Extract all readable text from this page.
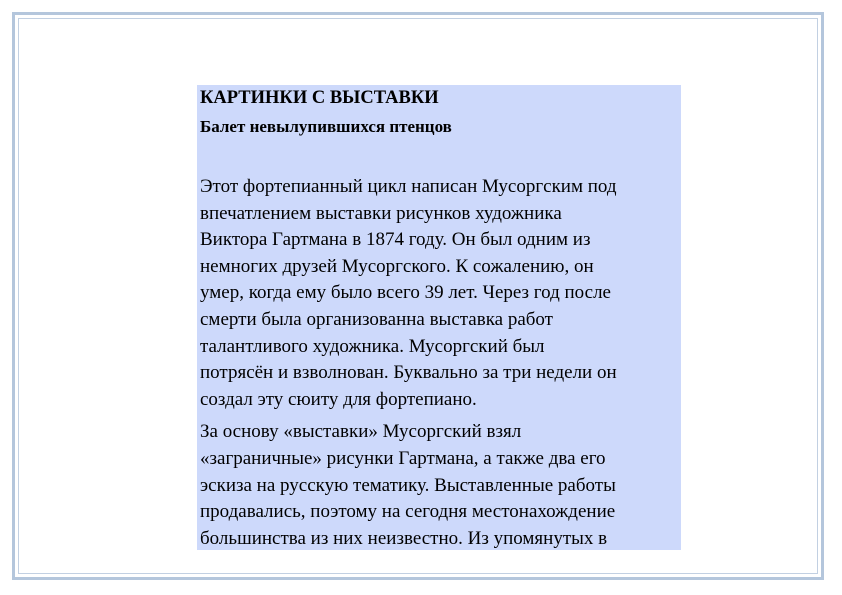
КАРТИНКИ С ВЫСТАВКИ
Балет невылупившихся птенцов
Этот фортепианный цикл написан Мусоргским под
впечатлением выставки рисунков художника
Виктора Гартмана в 1874 году. Он был одним из
немногих друзей Мусоргского. К сожалению, он
умер, когда ему было всего 39 лет. Через год после
смерти была организованна выставка работ
талантливого художника. Мусоргский был
потрясён и взволнован. Буквально за три недели он
создал эту сюиту для фортепиано.
За основу «выставки» Мусоргский взял
«заграничные» рисунки Гартмана, а также два его
эскиза на русскую тематику. Выставленные работы
продавались, поэтому на сегодня местонахождение
большинства из них неизвестно. Из упомянутых в
